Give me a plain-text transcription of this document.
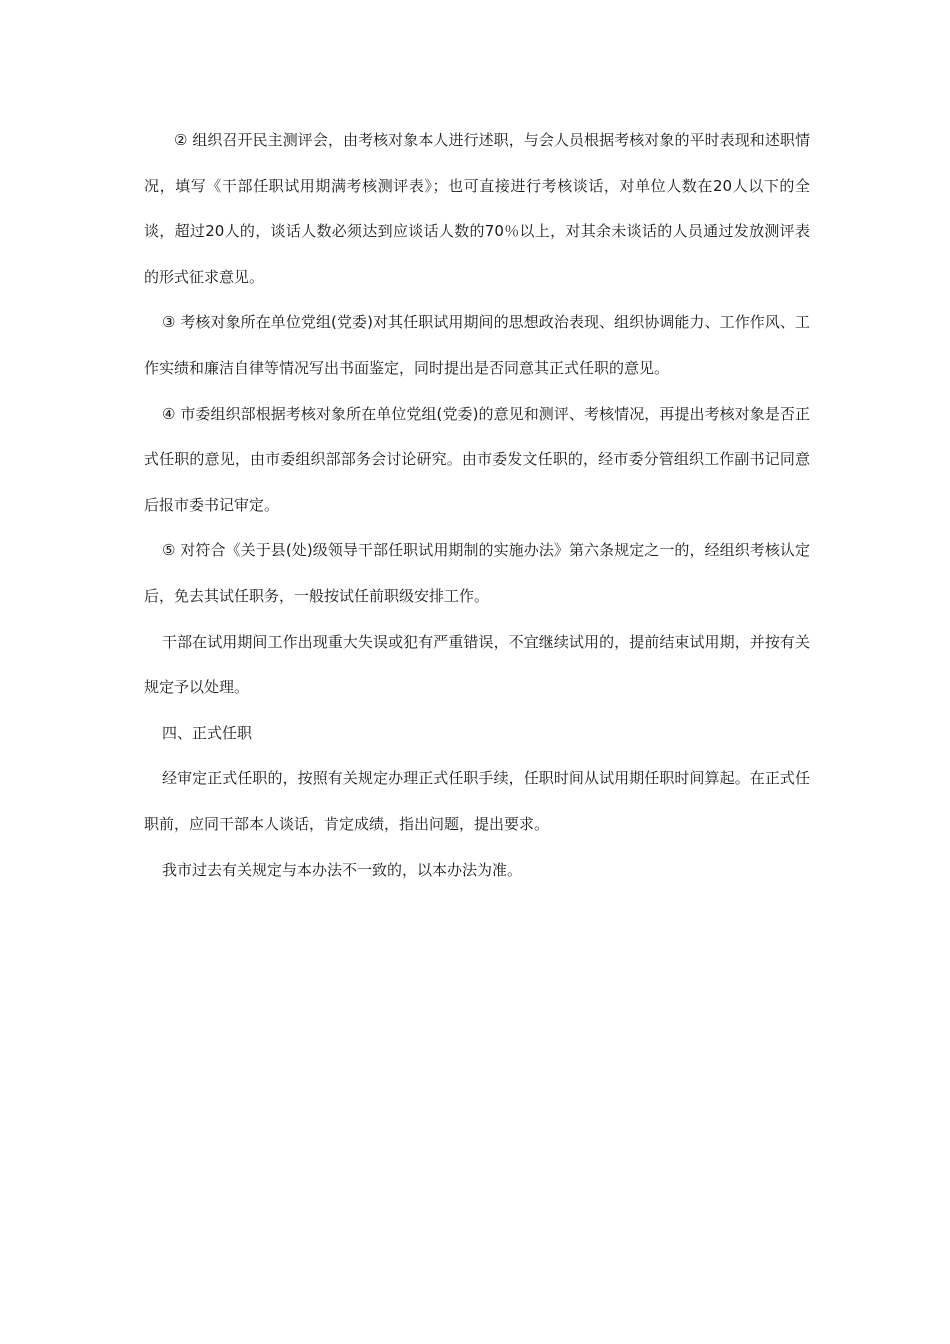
② 组织召开民主测评会，由考核对象本人进行述职，与会人员根据考核对象的平时表现和述职情况，填写《干部任职试用期满考核测评表》；也可直接进行考核谈话，对单位人数在20人以下的全谈，超过20人的，谈话人数必须达到应谈话人数的70％以上，对其余未谈话的人员通过发放测评表的形式征求意见。

③ 考核对象所在单位党组(党委)对其任职试用期间的思想政治表现、组织协调能力、工作作风、工作实绩和廉洁自律等情况写出书面鉴定，同时提出是否同意其正式任职的意见。

④ 市委组织部根据考核对象所在单位党组(党委)的意见和测评、考核情况，再提出考核对象是否正式任职的意见，由市委组织部部务会讨论研究。由市委发文任职的，经市委分管组织工作副书记同意后报市委书记审定。

⑤ 对符合《关于县(处)级领导干部任职试用期制的实施办法》第六条规定之一的，经组织考核认定后，免去其试任职务，一般按试任前职级安排工作。

干部在试用期间工作出现重大失误或犯有严重错误，不宜继续试用的，提前结束试用期，并按有关规定予以处理。

四、正式任职

经审定正式任职的，按照有关规定办理正式任职手续，任职时间从试用期任职时间算起。在正式任职前，应同干部本人谈话，肯定成绩，指出问题，提出要求。

我市过去有关规定与本办法不一致的，以本办法为准。
